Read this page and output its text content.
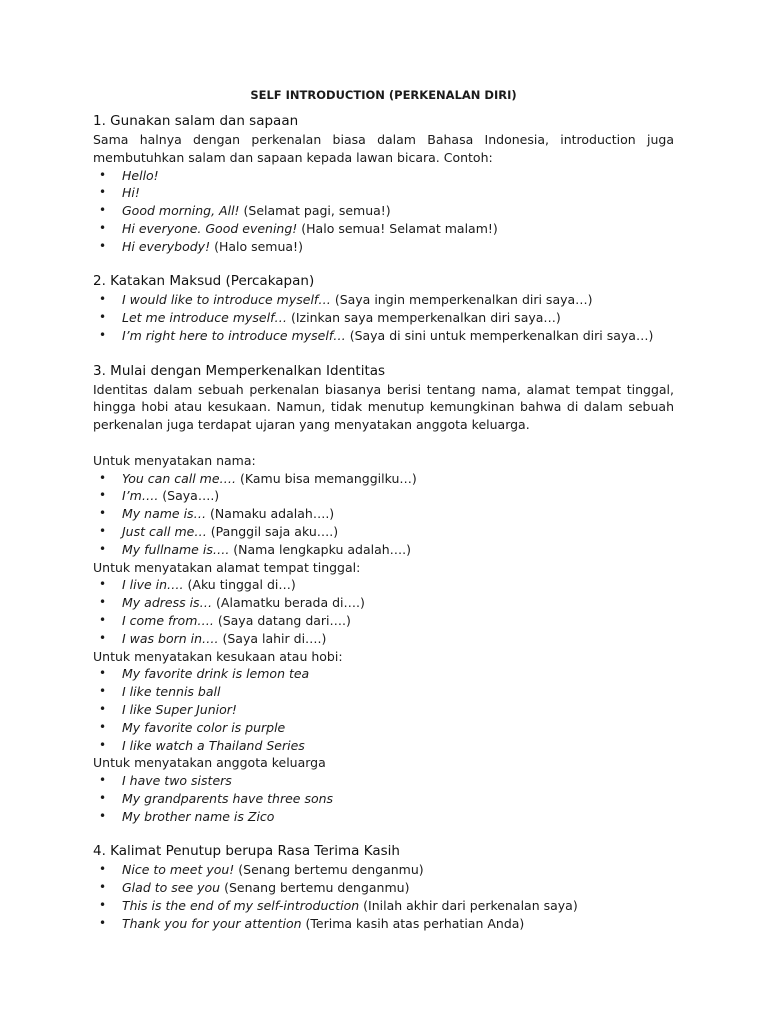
SELF INTRODUCTION (PERKENALAN DIRI)
1. Gunakan salam dan sapaan

Sama halnya dengan perkenalan biasa dalam Bahasa Indonesia, introduction juga membutuhkan salam dan sapaan kepada lawan bicara. Contoh:

• Hello!
• Hi!
• Good morning, All! (Selamat pagi, semua!)
• Hi everyone. Good evening! (Halo semua! Selamat malam!)
• Hi everybody! (Halo semua!)
2. Katakan Maksud (Percakapan)
• I would like to introduce myself… (Saya ingin memperkenalkan diri saya…)
• Let me introduce myself… (Izinkan saya memperkenalkan diri saya…)
• I’m right here to introduce myself… (Saya di sini untuk memperkenalkan diri saya…)
3. Mulai dengan Memperkenalkan Identitas

Identitas dalam sebuah perkenalan biasanya berisi tentang nama, alamat tempat tinggal, hingga hobi atau kesukaan. Namun, tidak menutup kemungkinan bahwa di dalam sebuah perkenalan juga terdapat ujaran yang menyatakan anggota keluarga.

Untuk menyatakan nama:

• You can call me…. (Kamu bisa memanggilku…)
• I’m…. (Saya….)
• My name is… (Namaku adalah….)
• Just call me… (Panggil saja aku….)
• My fullname is…. (Nama lengkapku adalah….)

Untuk menyatakan alamat tempat tinggal:

• I live in…. (Aku tinggal di…)
• My adress is… (Alamatku berada di….)
• I come from…. (Saya datang dari….)
• I was born in…. (Saya lahir di….)

Untuk menyatakan kesukaan atau hobi:

• My favorite drink is lemon tea
• I like tennis ball
• I like Super Junior!
• My favorite color is purple
• I like watch a Thailand Series

Untuk menyatakan anggota keluarga

• I have two sisters
• My grandparents have three sons
• My brother name is Zico
4. Kalimat Penutup berupa Rasa Terima Kasih
• Nice to meet you! (Senang bertemu denganmu)
• Glad to see you (Senang bertemu denganmu)
• This is the end of my self-introduction (Inilah akhir dari perkenalan saya)
• Thank you for your attention (Terima kasih atas perhatian Anda)
